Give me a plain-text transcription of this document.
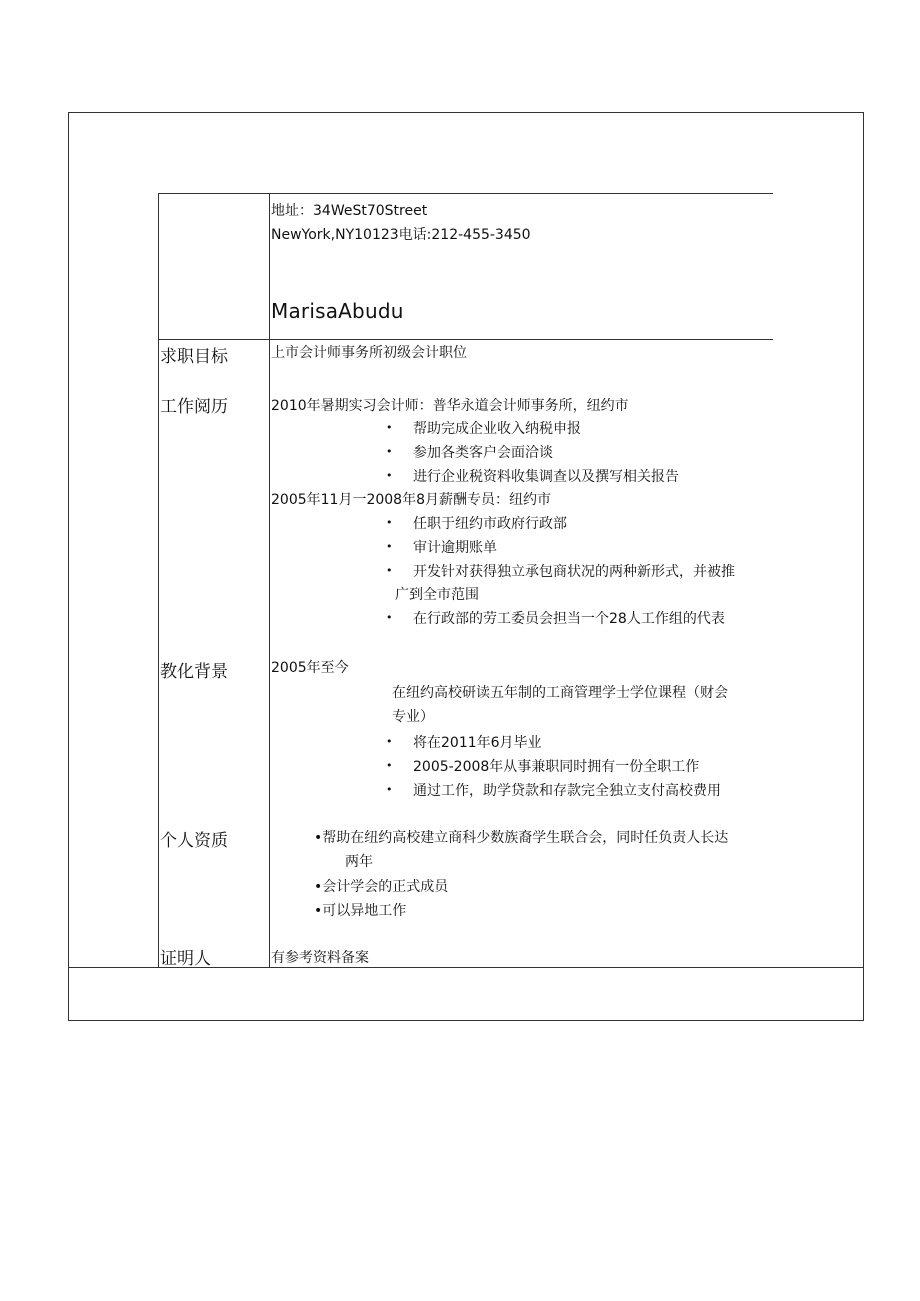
地址：34WeSt70Street
NewYork,NY10123电话:212-455-3450
MarisaAbudu
求职目标	上市会计师事务所初级会计职位
工作阅历	2010年暑期实习会计师：普华永道会计师事务所，纽约市
• 帮助完成企业收入纳税申报
• 参加各类客户会面洽谈
• 进行企业税资料收集调查以及撰写相关报告
2005年11月一2008年8月薪酬专员：纽约市
• 任职于纽约市政府行政部
• 审计逾期账单
• 开发针对获得独立承包商状况的两种新形式，并被推
广到全市范围
• 在行政部的劳工委员会担当一个28人工作组的代表
教化背景	2005年至今
在纽约高校研读五年制的工商管理学士学位课程（财会
专业）
• 将在2011年6月毕业
• 2005-2008年从事兼职同时拥有一份全职工作
• 通过工作，助学贷款和存款完全独立支付高校费用
个人资质	•帮助在纽约高校建立商科少数族裔学生联合会，同时任负责人长达
两年
•会计学会的正式成员
•可以异地工作
证明人	有参考资料备案
